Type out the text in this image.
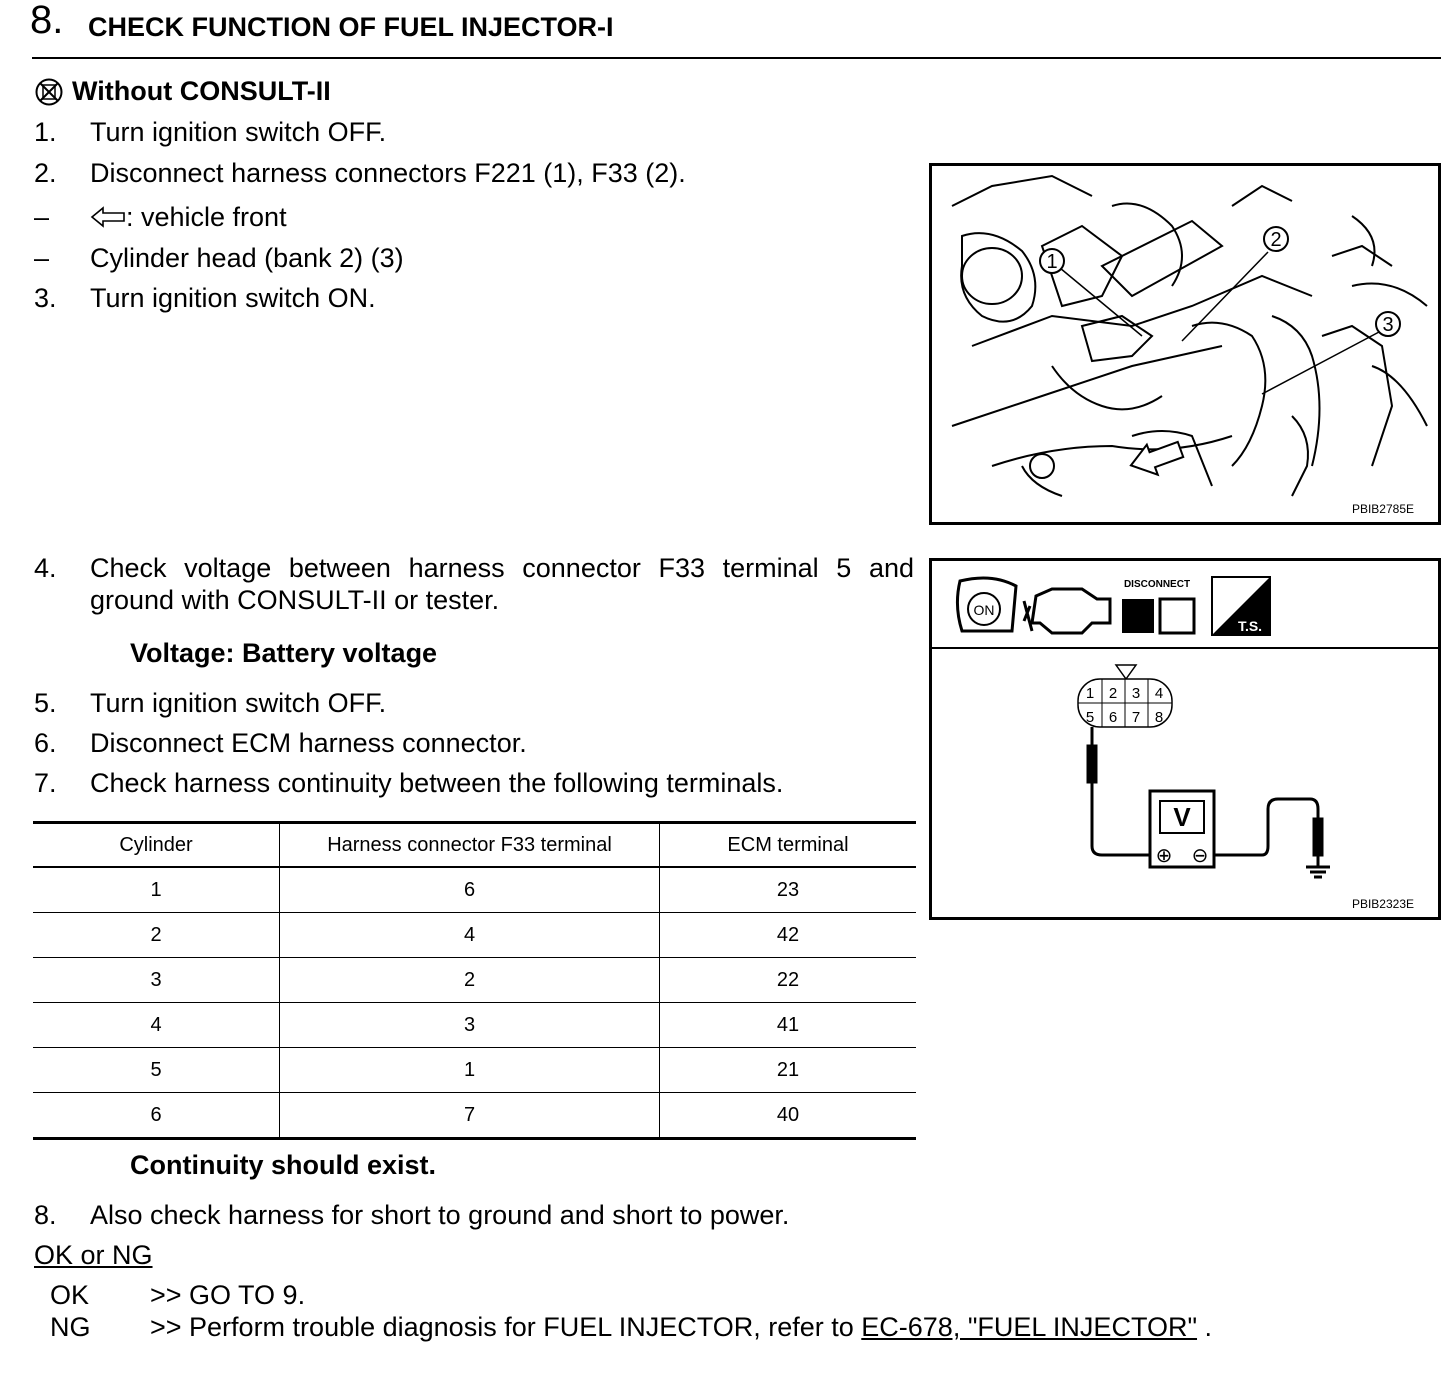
8. CHECK FUNCTION OF FUEL INJECTOR-I
Without CONSULT-II
1. Turn ignition switch OFF.
2. Disconnect harness connectors F221 (1), F33 (2).
–	: vehicle front
– Cylinder head (bank 2) (3)
3. Turn ignition switch ON.
1
2
3
PBIB2785E
4. Check voltage between harness connector F33 terminal 5 and
ground with CONSULT-II or tester.
Voltage: Battery voltage
5. Turn ignition switch OFF.
6. Disconnect ECM harness connector.
7. Check harness continuity between the following terminals.
ON
DISCONNECT
T.S.
1 2 3 4
5 6 7 8
V
⊕ ⊖
PBIB2323E
Cylinder	Harness connector F33 terminal	ECM terminal
1	6	23
2	4	42
3	2	22
4	3	41
5	1	21
6	7	40
Continuity should exist.
8. Also check harness for short to ground and short to power.
OK or NG
OK >> GO TO 9.
NG >> Perform trouble diagnosis for FUEL INJECTOR, refer to EC-678, "FUEL INJECTOR" .
